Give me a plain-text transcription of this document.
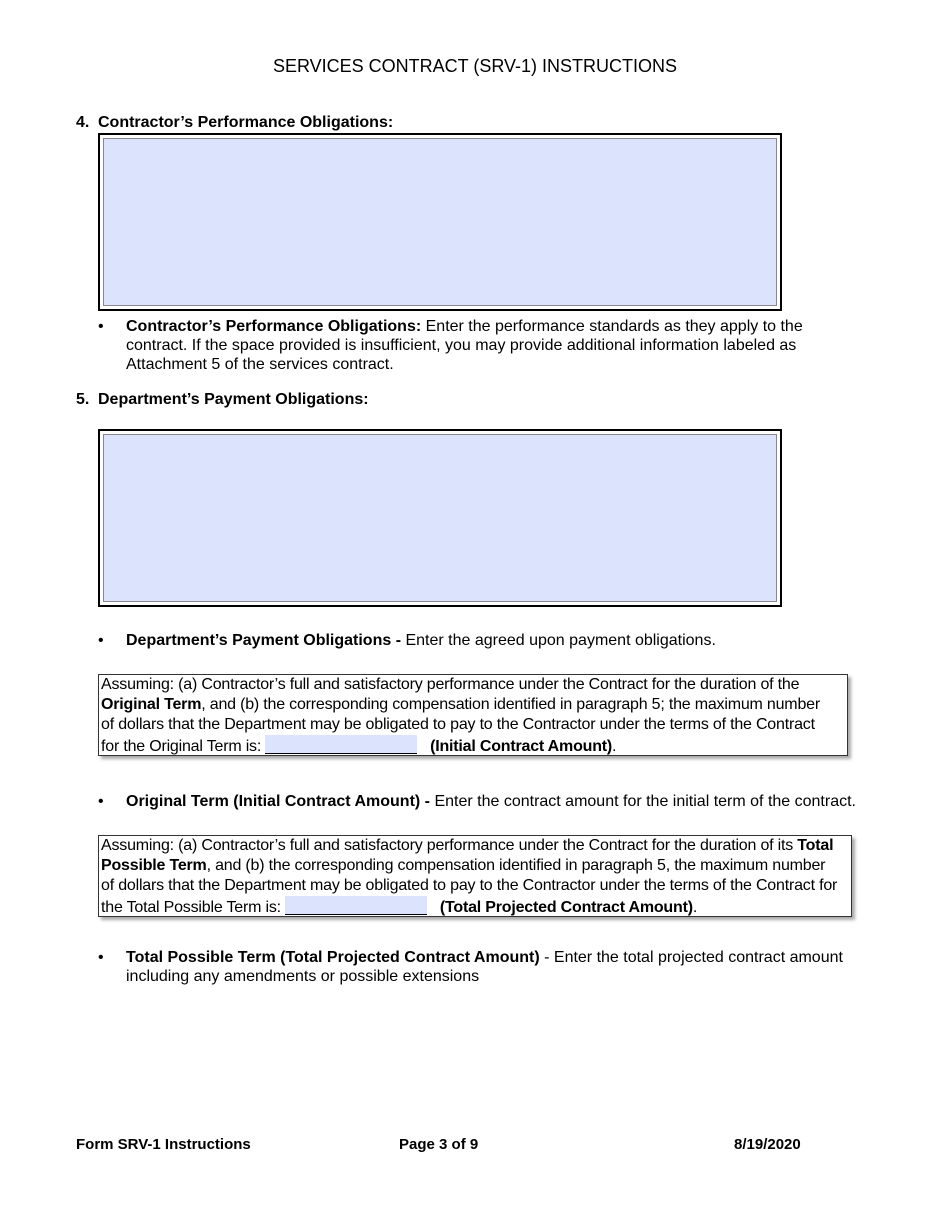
SERVICES CONTRACT (SRV-1) INSTRUCTIONS
4. Contractor’s Performance Obligations:
• Contractor’s Performance Obligations: Enter the performance standards as they apply to the
contract. If the space provided is insufficient, you may provide additional information labeled as
Attachment 5 of the services contract.
5. Department’s Payment Obligations:
• Department’s Payment Obligations - Enter the agreed upon payment obligations.
Assuming: (a) Contractor’s full and satisfactory performance under the Contract for the duration of the
Original Term, and (b) the corresponding compensation identified in paragraph 5; the maximum number
of dollars that the Department may be obligated to pay to the Contractor under the terms of the Contract
for the Original Term is:	(Initial Contract Amount).
• Original Term (Initial Contract Amount) - Enter the contract amount for the initial term of the contract.
Assuming: (a) Contractor’s full and satisfactory performance under the Contract for the duration of its Total
Possible Term, and (b) the corresponding compensation identified in paragraph 5, the maximum number
of dollars that the Department may be obligated to pay to the Contractor under the terms of the Contract for
the Total Possible Term is:	(Total Projected Contract Amount).
• Total Possible Term (Total Projected Contract Amount) - Enter the total projected contract amount
including any amendments or possible extensions
Form SRV-1 Instructions	Page 3 of 9	8/19/2020
